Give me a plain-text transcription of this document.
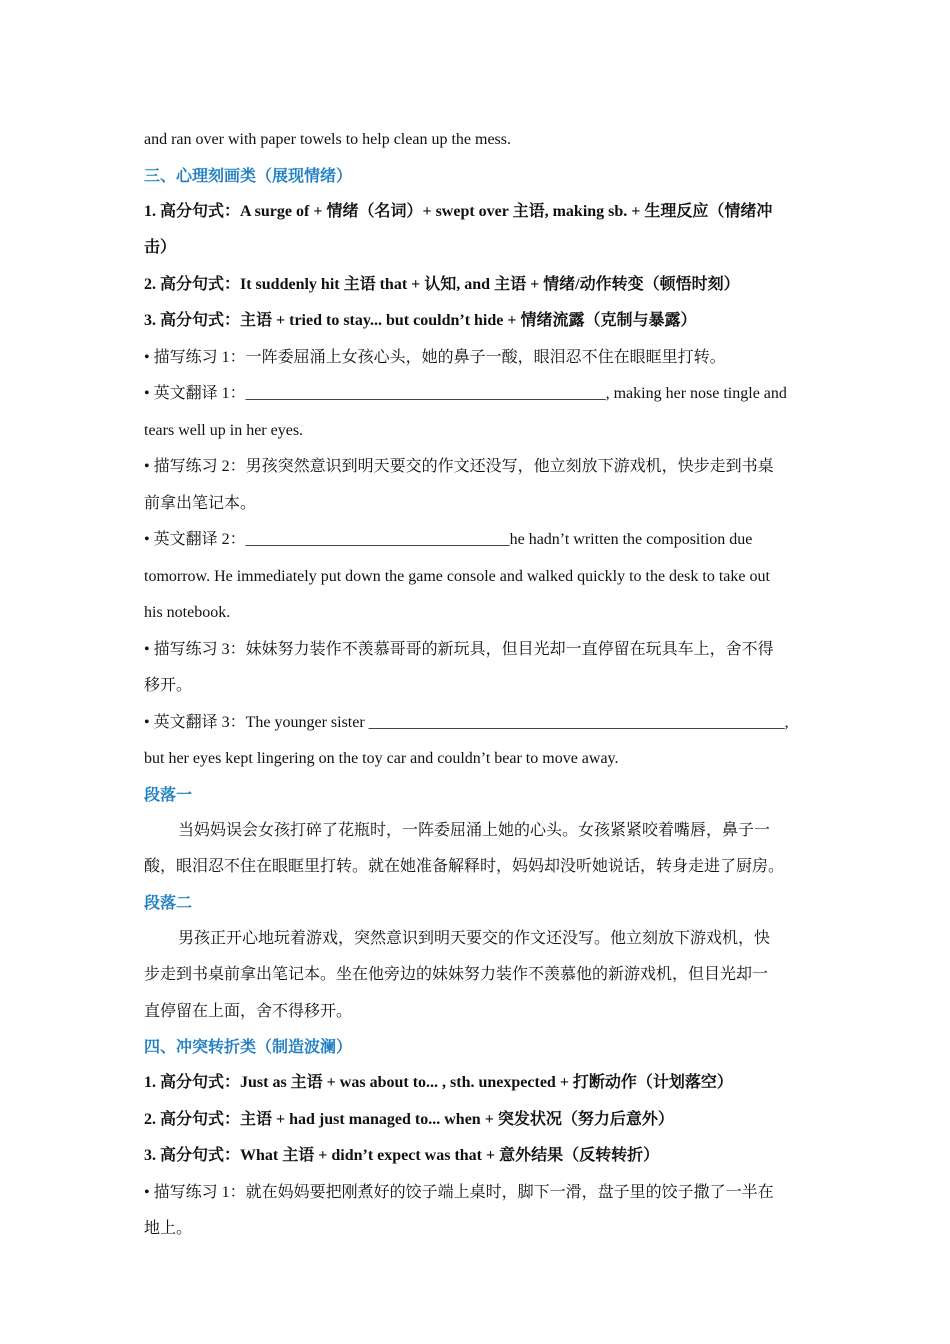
and ran over with paper towels to help clean up the mess.
三、心理刻画类（展现情绪）
1. 高分句式：A surge of + 情绪（名词）+ swept over 主语, making sb. + 生理反应（情绪冲
击）
2. 高分句式：It suddenly hit 主语 that + 认知, and 主语 + 情绪/动作转变（顿悟时刻）
3. 高分句式：主语 + tried to stay... but couldn’t hide + 情绪流露（克制与暴露）
• 描写练习 1：一阵委屈涌上女孩心头，她的鼻子一酸，眼泪忍不住在眼眶里打转。
• 英文翻译 1：_____________________________________________, making her nose tingle and
tears well up in her eyes.
• 描写练习 2：男孩突然意识到明天要交的作文还没写，他立刻放下游戏机，快步走到书桌
前拿出笔记本。
• 英文翻译 2：_________________________________he hadn’t written the composition due
tomorrow. He immediately put down the game console and walked quickly to the desk to take out
his notebook.
• 描写练习 3：妹妹努力装作不羡慕哥哥的新玩具，但目光却一直停留在玩具车上，舍不得
移开。
• 英文翻译 3：The younger sister ____________________________________________________,
but her eyes kept lingering on the toy car and couldn’t bear to move away.
段落一
当妈妈误会女孩打碎了花瓶时，一阵委屈涌上她的心头。女孩紧紧咬着嘴唇，鼻子一
酸，眼泪忍不住在眼眶里打转。就在她准备解释时，妈妈却没听她说话，转身走进了厨房。
段落二
男孩正开心地玩着游戏，突然意识到明天要交的作文还没写。他立刻放下游戏机，快
步走到书桌前拿出笔记本。坐在他旁边的妹妹努力装作不羡慕他的新游戏机，但目光却一
直停留在上面，舍不得移开。
四、冲突转折类（制造波澜）
1. 高分句式：Just as 主语 + was about to... , sth. unexpected + 打断动作（计划落空）
2. 高分句式：主语 + had just managed to... when + 突发状况（努力后意外）
3. 高分句式：What 主语 + didn’t expect was that + 意外结果（反转转折）
• 描写练习 1：就在妈妈要把刚煮好的饺子端上桌时，脚下一滑，盘子里的饺子撒了一半在
地上。
